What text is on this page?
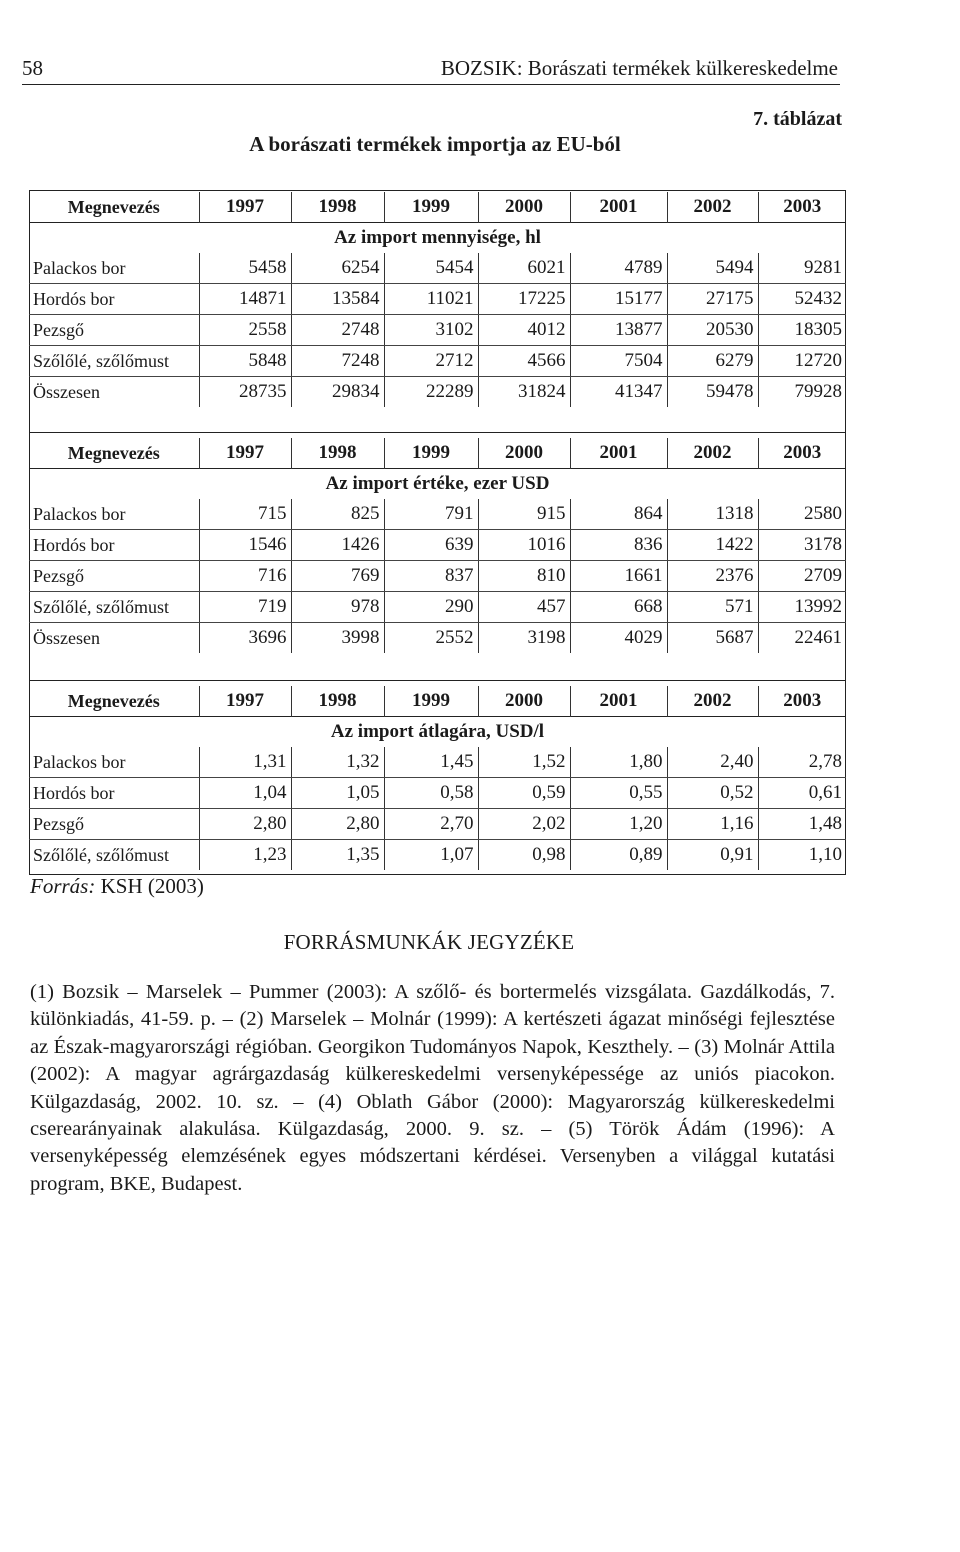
58	BOZSIK: Borászati termékek külkereskedelme
7. táblázat
A borászati termékek importja az EU-ból
Megnevezés	1997	1998	1999	2000	2001	2002	2003
Az import mennyisége, hl							
Palackos bor	5458	6254	5454	6021	4789	5494	9281
Hordós bor	14871	13584	11021	17225	15177	27175	52432
Pezsgő	2558	2748	3102	4012	13877	20530	18305
Szőlőlé, szőlőmust	5848	7248	2712	4566	7504	6279	12720
Összesen	28735	29834	22289	31824	41347	59478	79928
Megnevezés	1997	1998	1999	2000	2001	2002	2003
Az import értéke, ezer USD							
Palackos bor	715	825	791	915	864	1318	2580
Hordós bor	1546	1426	639	1016	836	1422	3178
Pezsgő	716	769	837	810	1661	2376	2709
Szőlőlé, szőlőmust	719	978	290	457	668	571	13992
Összesen	3696	3998	2552	3198	4029	5687	22461
Megnevezés	1997	1998	1999	2000	2001	2002	2003
Az import átlagára, USD/l							
Palackos bor	1,31	1,32	1,45	1,52	1,80	2,40	2,78
Hordós bor	1,04	1,05	0,58	0,59	0,55	0,52	0,61
Pezsgő	2,80	2,80	2,70	2,02	1,20	1,16	1,48
Szőlőlé, szőlőmust	1,23	1,35	1,07	0,98	0,89	0,91	1,10
Forrás: KSH (2003)
FORRÁSMUNKÁK JEGYZÉKE
(1) Bozsik – Marselek – Pummer (2003): A szőlő- és bortermelés vizsgálata. Gazdálkodás, 7. különkiadás, 41-59. p. – (2) Marselek – Molnár (1999): A kertészeti ágazat minőségi fejlesztése az Észak-magyarországi régióban. Georgikon Tudományos Napok, Keszthely. – (3) Molnár Attila (2002): A magyar agrárgazdaság külkereskedelmi versenyképessége az uniós piacokon. Külgazdaság, 2002. 10. sz. – (4) Oblath Gábor (2000): Magyarország külkereskedelmi cserearányainak alakulása. Külgazdaság, 2000. 9. sz. – (5) Török Ádám (1996): A versenyképesség elemzésének egyes módszertani kérdései. Versenyben a világgal kutatási program, BKE, Budapest.
